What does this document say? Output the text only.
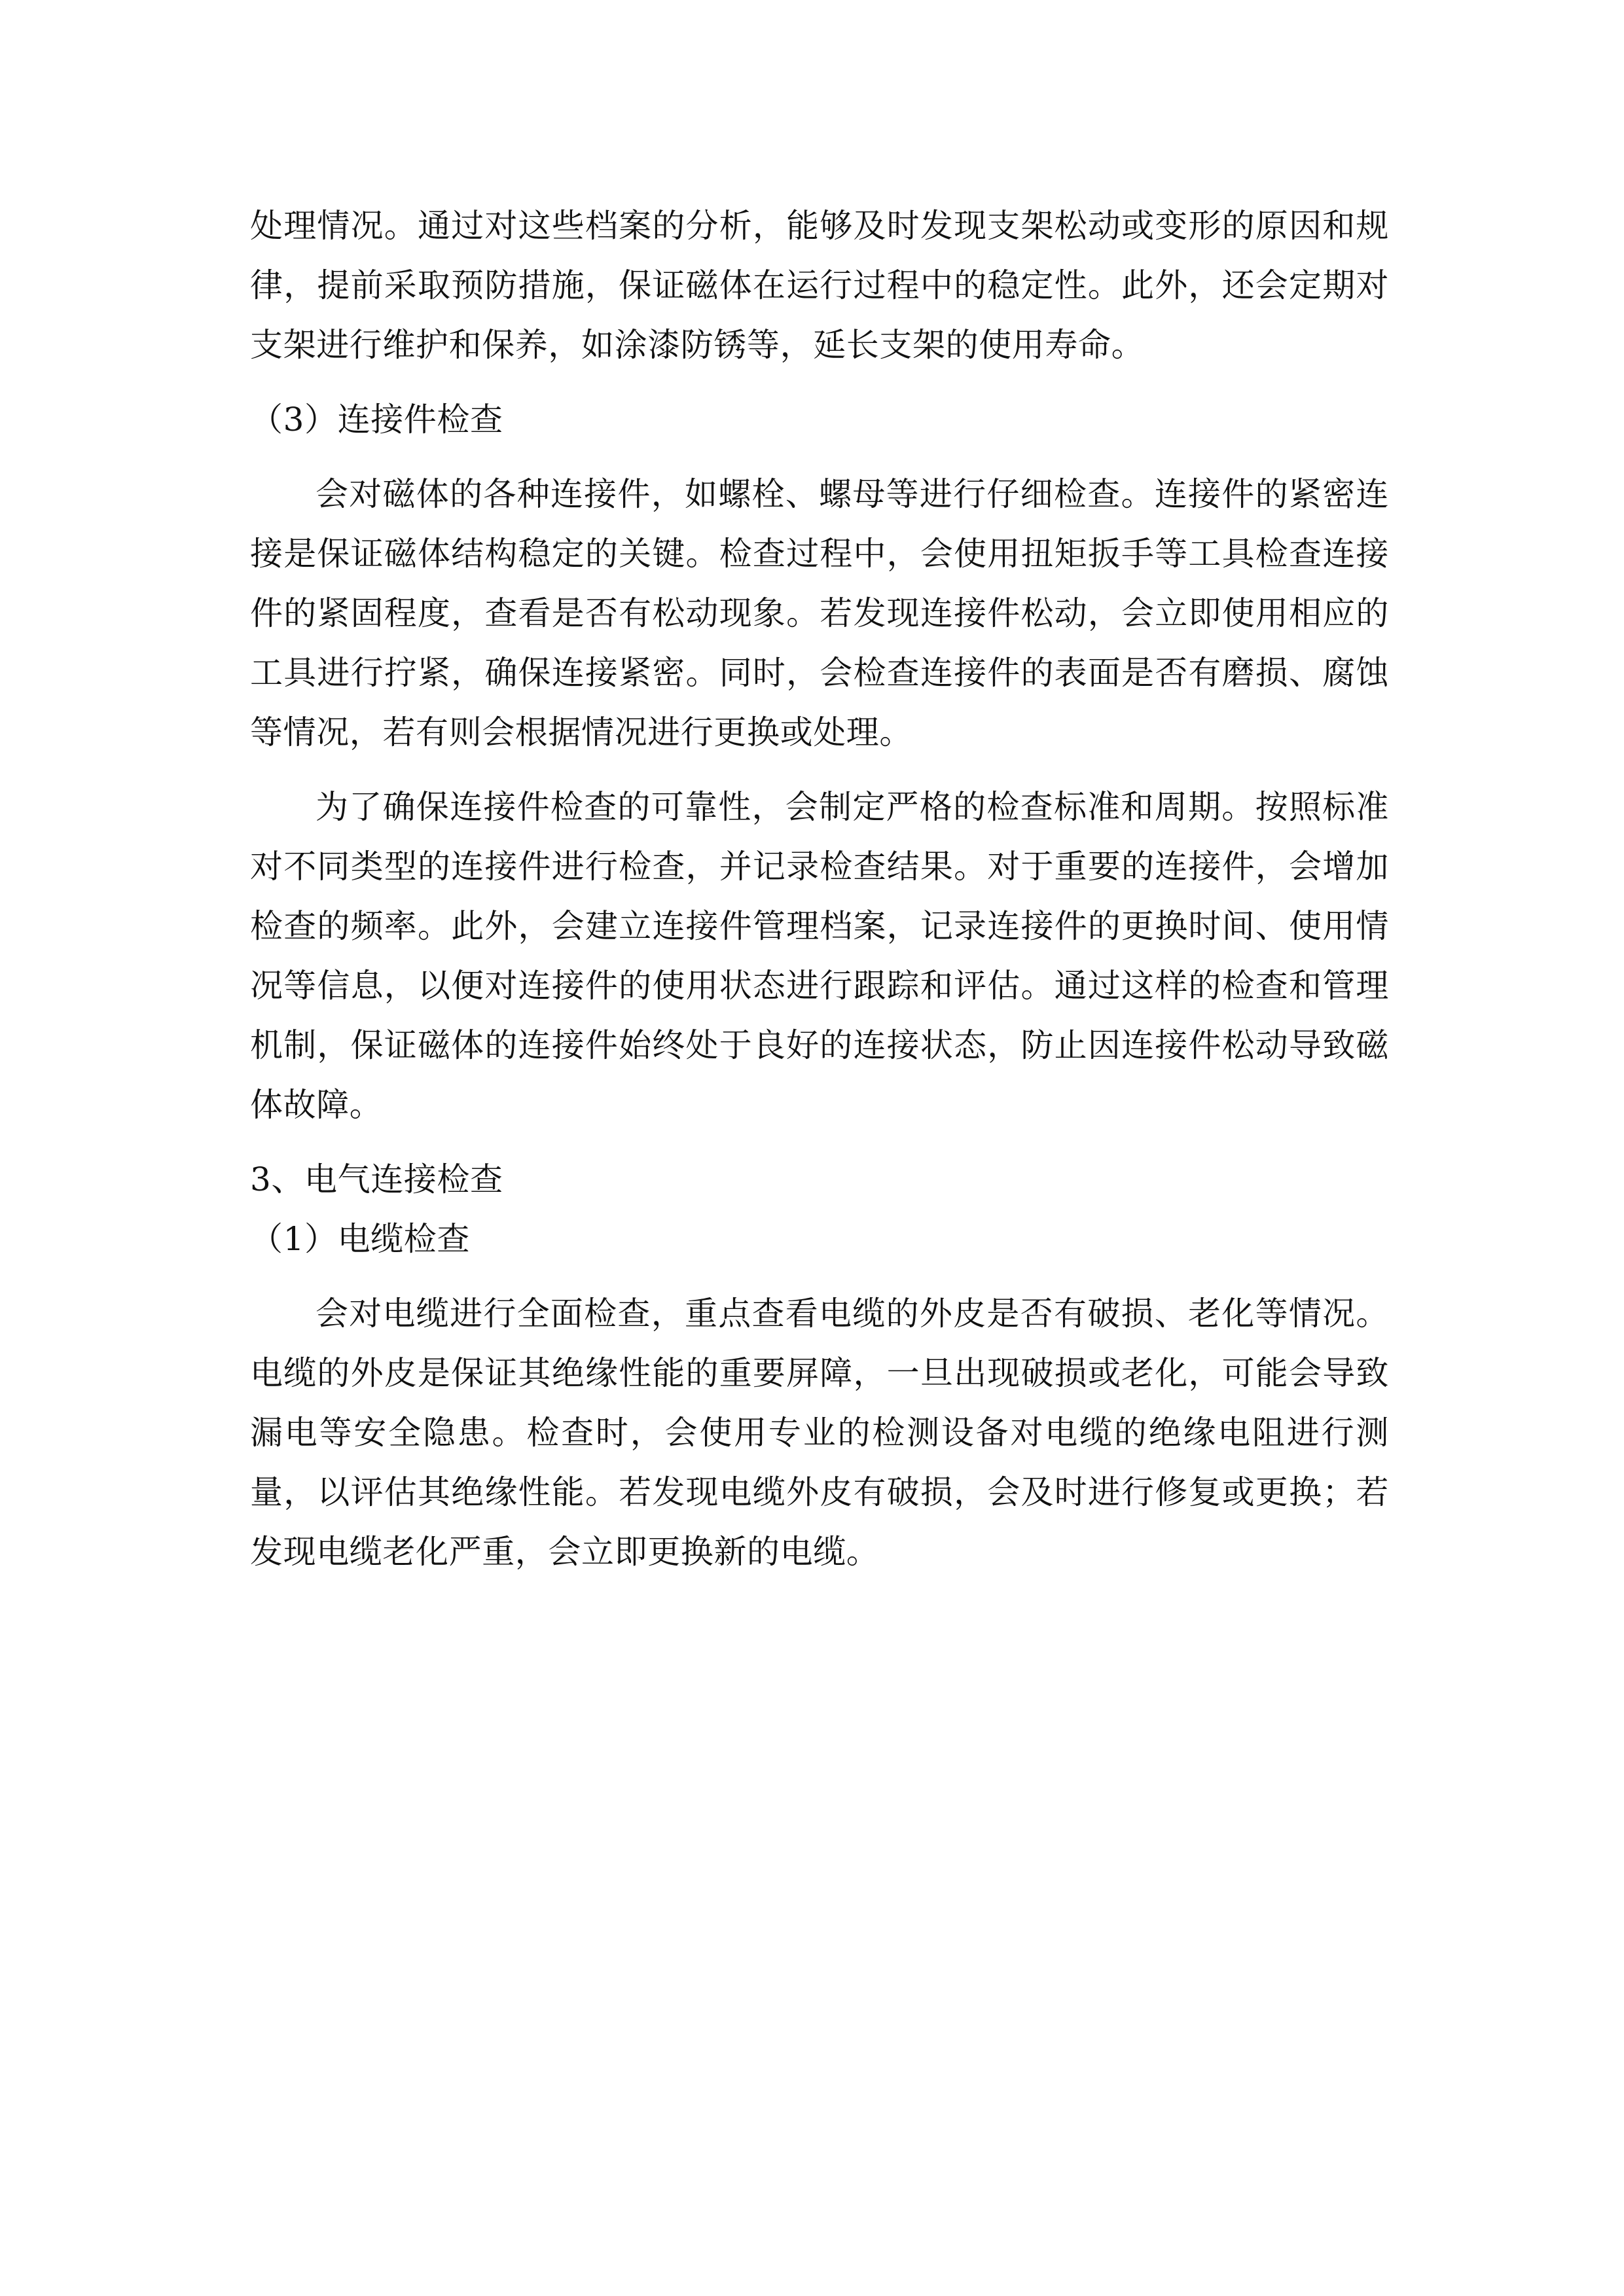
处理情况。通过对这些档案的分析，能够及时发现支架松动或变形的原因和规律，提前采取预防措施，保证磁体在运行过程中的稳定性。此外，还会定期对支架进行维护和保养，如涂漆防锈等，延长支架的使用寿命。

（3）连接件检查

会对磁体的各种连接件，如螺栓、螺母等进行仔细检查。连接件的紧密连接是保证磁体结构稳定的关键。检查过程中，会使用扭矩扳手等工具检查连接件的紧固程度，查看是否有松动现象。若发现连接件松动，会立即使用相应的工具进行拧紧，确保连接紧密。同时，会检查连接件的表面是否有磨损、腐蚀等情况，若有则会根据情况进行更换或处理。

为了确保连接件检查的可靠性，会制定严格的检查标准和周期。按照标准对不同类型的连接件进行检查，并记录检查结果。对于重要的连接件，会增加检查的频率。此外，会建立连接件管理档案，记录连接件的更换时间、使用情况等信息，以便对连接件的使用状态进行跟踪和评估。通过这样的检查和管理机制，保证磁体的连接件始终处于良好的连接状态，防止因连接件松动导致磁体故障。

3、电气连接检查

（1）电缆检查

会对电缆进行全面检查，重点查看电缆的外皮是否有破损、老化等情况。电缆的外皮是保证其绝缘性能的重要屏障，一旦出现破损或老化，可能会导致漏电等安全隐患。检查时，会使用专业的检测设备对电缆的绝缘电阻进行测量，以评估其绝缘性能。若发现电缆外皮有破损，会及时进行修复或更换；若发现电缆老化严重，会立即更换新的电缆。
